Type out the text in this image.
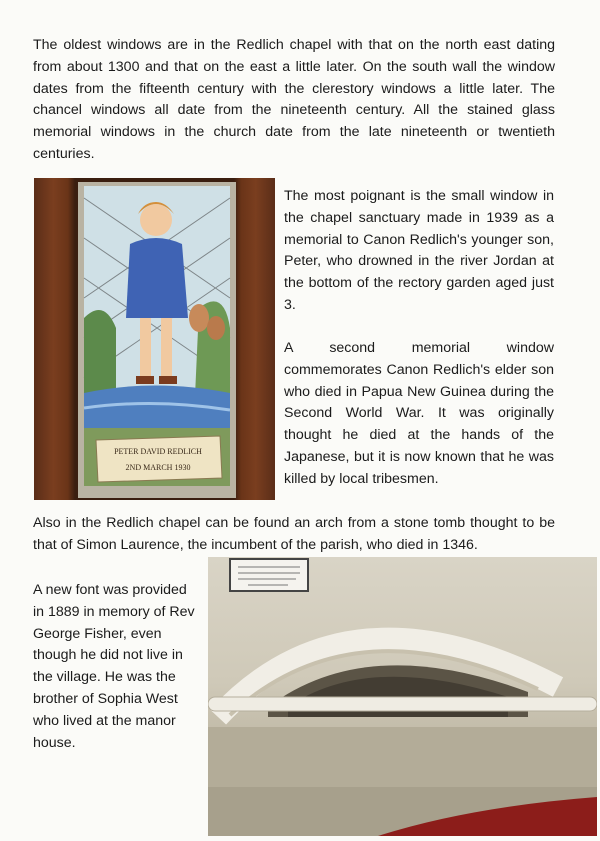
The oldest windows are in the Redlich chapel with that on the north east dating from about 1300 and that on the east a little later. On the south wall the window dates from the fifteenth century with the clerestory windows a little later. The chancel windows all date from the nineteenth century. All the stained glass memorial windows in the church date from the late nineteenth or twentieth centuries.

PETER DAVID REDLICH
2ND MARCH 1930

The most poignant is the small window in the chapel sanctuary made in 1939 as a memorial to Canon Redlich's younger son, Peter, who drowned in the river Jordan at the bottom of the rectory garden aged just 3.

A second memorial window commemorates Canon Redlich's elder son who died in Papua New Guinea during the Second World War. It was originally thought he died at the hands of the Japanese, but it is now known that he was killed by local tribesmen.

Also in the Redlich chapel can be found an arch from a stone tomb thought to be that of Simon Laurence, the incumbent of the parish, who died in 1346.

A new font was provided in 1889 in memory of Rev George Fisher, even though he did not live in the village. He was the brother of Sophia West who lived at the manor house.
